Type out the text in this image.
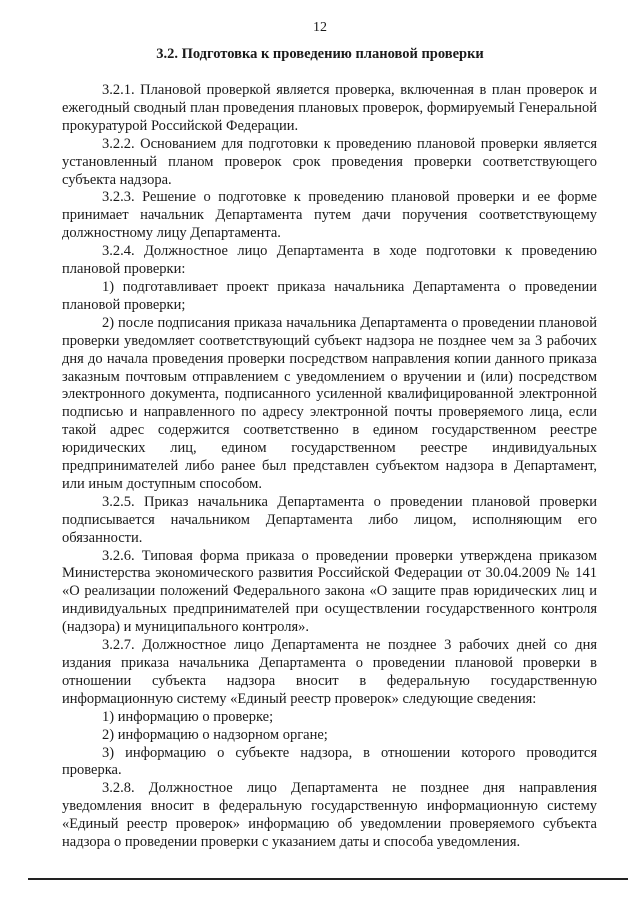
12
3.2. Подготовка к проведению плановой проверки

3.2.1. Плановой проверкой является проверка, включенная в план проверок и ежегодный сводный план проведения плановых проверок, формируемый Генеральной прокуратурой Российской Федерации.

3.2.2. Основанием для подготовки к проведению плановой проверки является установленный планом проверок срок проведения проверки соответствующего субъекта надзора.

3.2.3. Решение о подготовке к проведению плановой проверки и ее форме принимает начальник Департамента путем дачи поручения соответствующему должностному лицу Департамента.

3.2.4. Должностное лицо Департамента в ходе подготовки к проведению плановой проверки:

1) подготавливает проект приказа начальника Департамента о проведении плановой проверки;

2) после подписания приказа начальника Департамента о проведении плановой проверки уведомляет соответствующий субъект надзора не позднее чем за 3 рабочих дня до начала проведения проверки посредством направления копии данного приказа заказным почтовым отправлением с уведомлением о вручении и (или) посредством электронного документа, подписанного усиленной квалифицированной электронной подписью и направленного по адресу электронной почты проверяемого лица, если такой адрес содержится соответственно в едином государственном реестре юридических лиц, едином государственном реестре индивидуальных предпринимателей либо ранее был представлен субъектом надзора в Департамент, или иным доступным способом.

3.2.5. Приказ начальника Департамента о проведении плановой проверки подписывается начальником Департамента либо лицом, исполняющим его обязанности.

3.2.6. Типовая форма приказа о проведении проверки утверждена приказом Министерства экономического развития Российской Федерации от 30.04.2009 № 141 «О реализации положений Федерального закона «О защите прав юридических лиц и индивидуальных предпринимателей при осуществлении государственного контроля (надзора) и муниципального контроля».

3.2.7. Должностное лицо Департамента не позднее 3 рабочих дней со дня издания приказа начальника Департамента о проведении плановой проверки в отношении субъекта надзора вносит в федеральную государственную информационную систему «Единый реестр проверок» следующие сведения:

1) информацию о проверке;

2) информацию о надзорном органе;

3) информацию о субъекте надзора, в отношении которого проводится проверка.

3.2.8. Должностное лицо Департамента не позднее дня направления уведомления вносит в федеральную государственную информационную систему «Единый реестр проверок» информацию об уведомлении проверяемого субъекта надзора о проведении проверки с указанием даты и способа уведомления.
